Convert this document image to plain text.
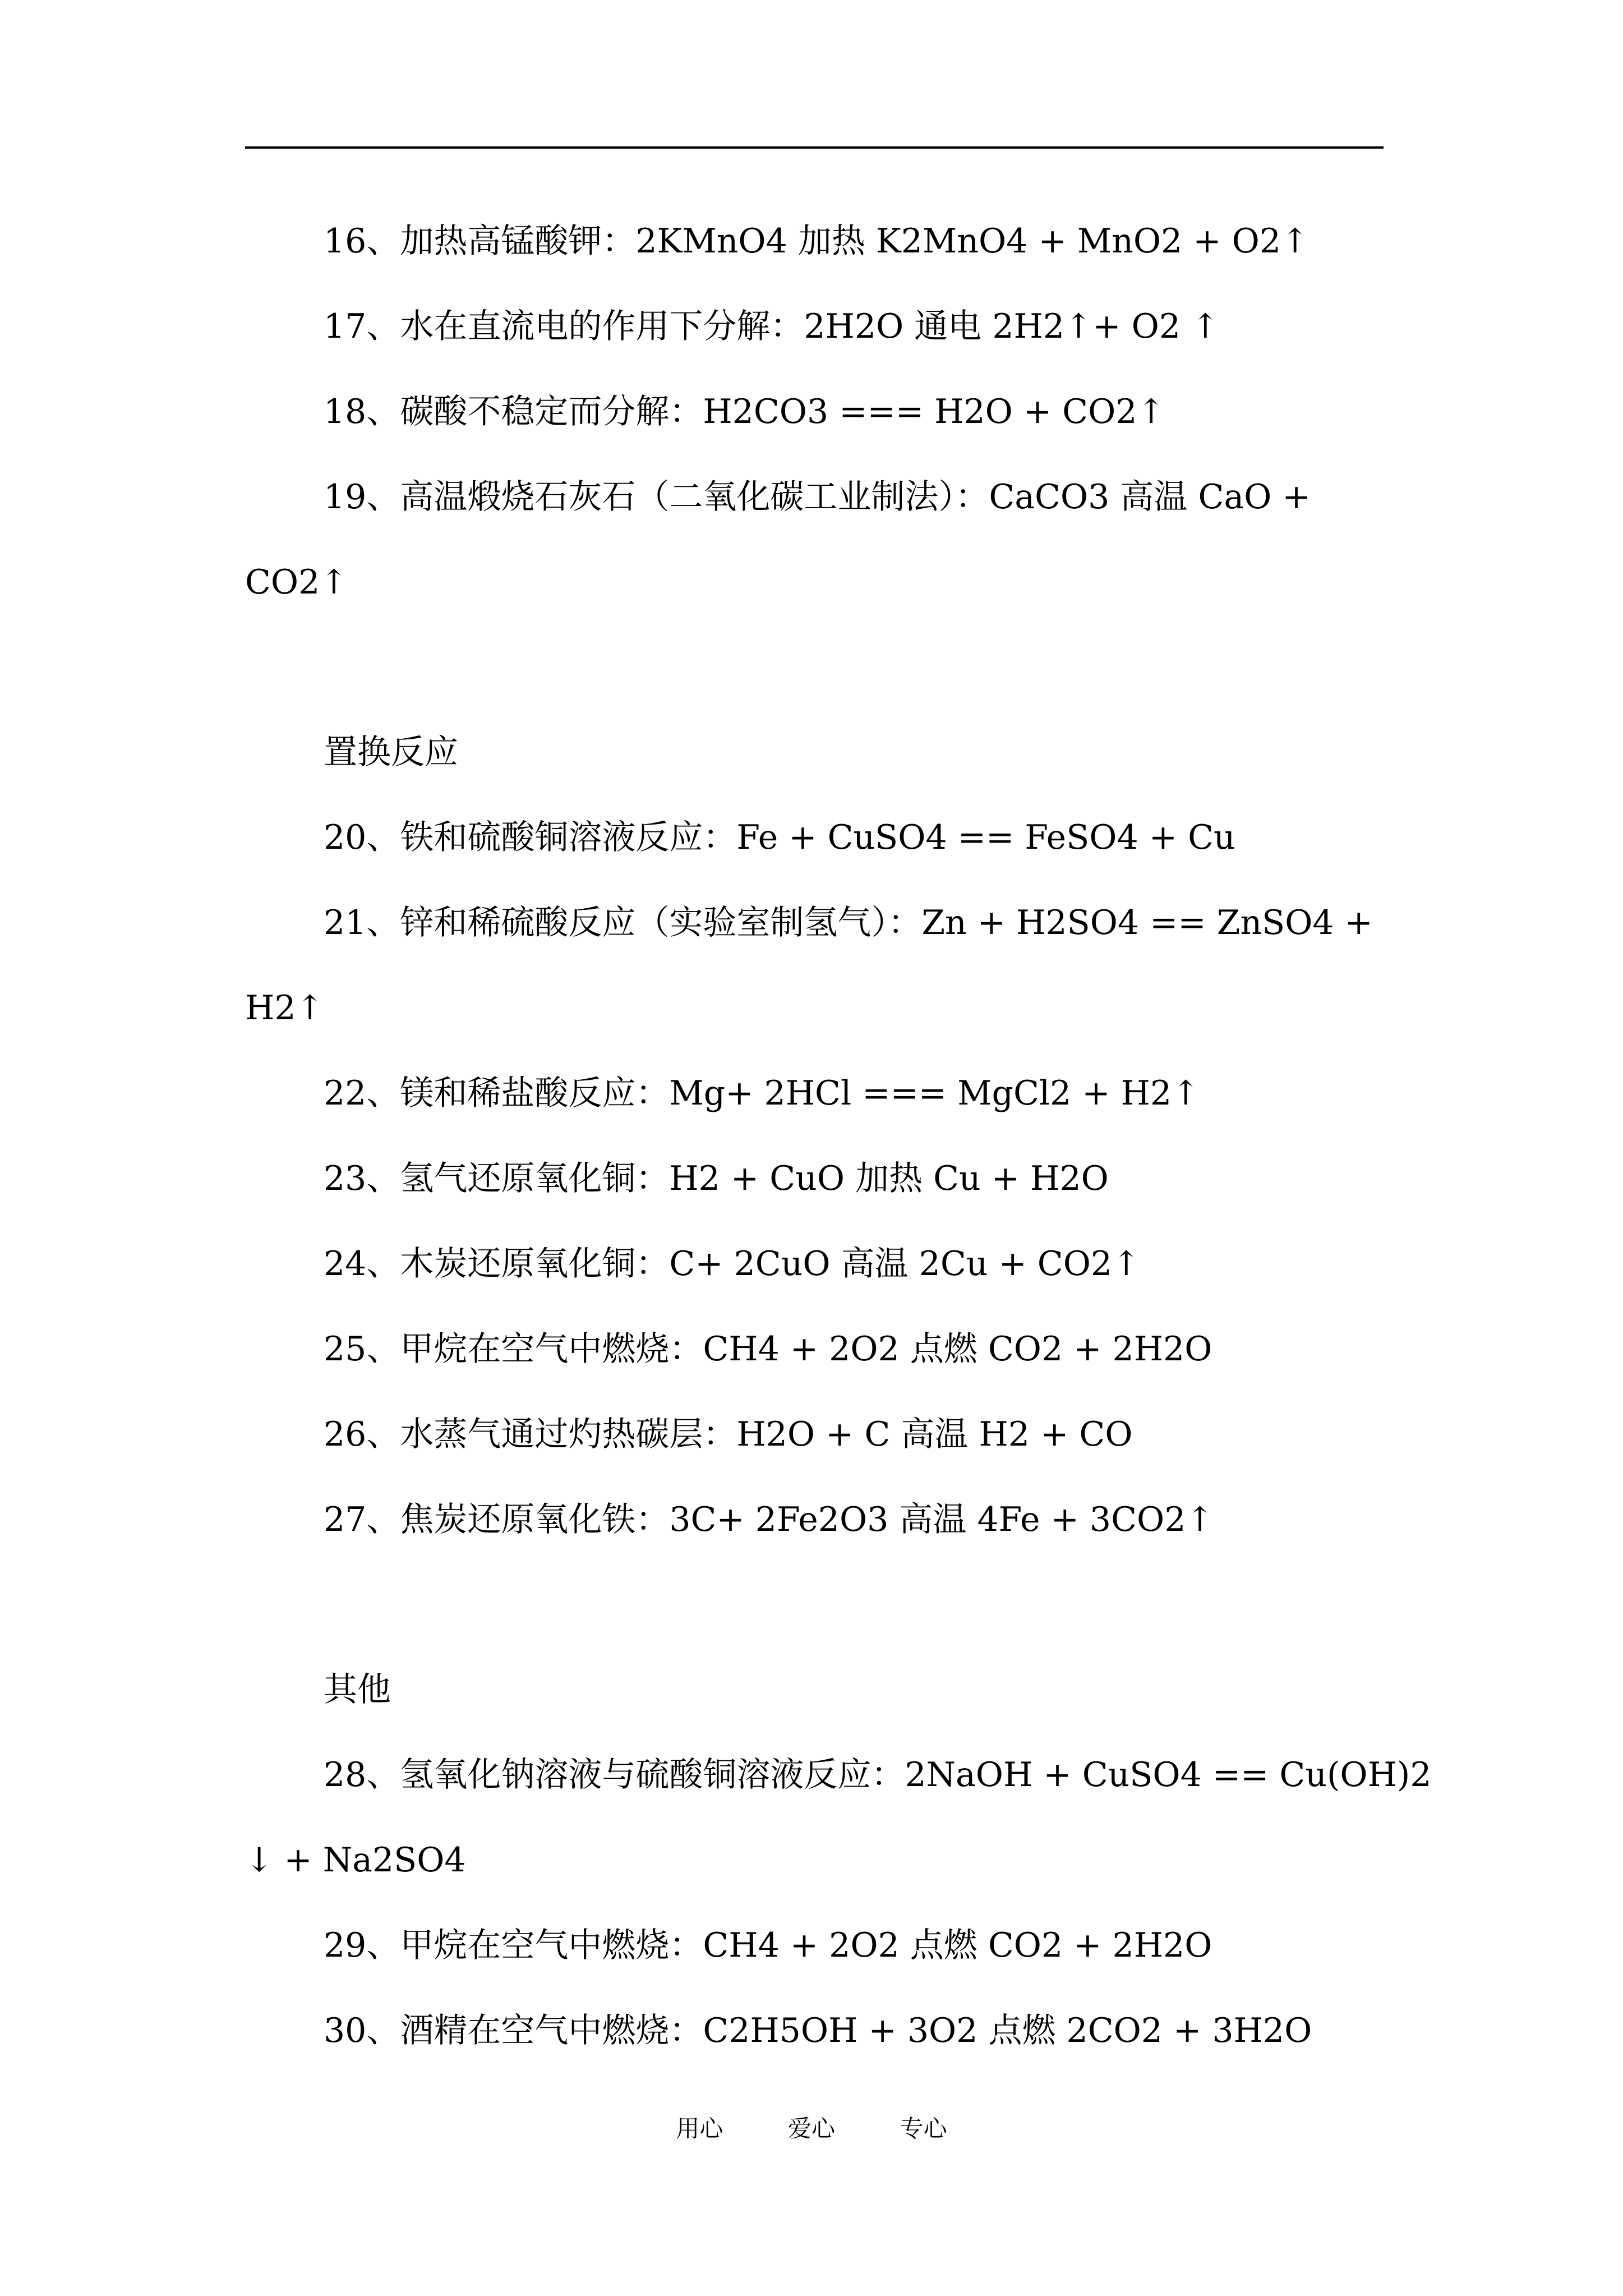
16、加热高锰酸钾：2KMnO4 加热 K2MnO4 + MnO2 + O2↑

17、水在直流电的作用下分解：2H2O 通电 2H2↑+ O2 ↑

18、碳酸不稳定而分解：H2CO3 === H2O + CO2↑

19、高温煅烧石灰石（二氧化碳工业制法）：CaCO3 高温 CaO +

CO2↑

置换反应

20、铁和硫酸铜溶液反应：Fe + CuSO4 == FeSO4 + Cu

21、锌和稀硫酸反应（实验室制氢气）：Zn + H2SO4 == ZnSO4 +

H2↑

22、镁和稀盐酸反应：Mg+ 2HCl === MgCl2 + H2↑

23、氢气还原氧化铜：H2 + CuO 加热 Cu + H2O

24、木炭还原氧化铜：C+ 2CuO 高温 2Cu + CO2↑

25、甲烷在空气中燃烧：CH4 + 2O2 点燃 CO2 + 2H2O

26、水蒸气通过灼热碳层：H2O + C 高温 H2 + CO

27、焦炭还原氧化铁：3C+ 2Fe2O3 高温 4Fe + 3CO2↑

其他

28、氢氧化钠溶液与硫酸铜溶液反应：2NaOH + CuSO4 == Cu(OH)2

↓ + Na2SO4

29、甲烷在空气中燃烧：CH4 + 2O2 点燃 CO2 + 2H2O

30、酒精在空气中燃烧：C2H5OH + 3O2 点燃 2CO2 + 3H2O

用心   爱心   专心
